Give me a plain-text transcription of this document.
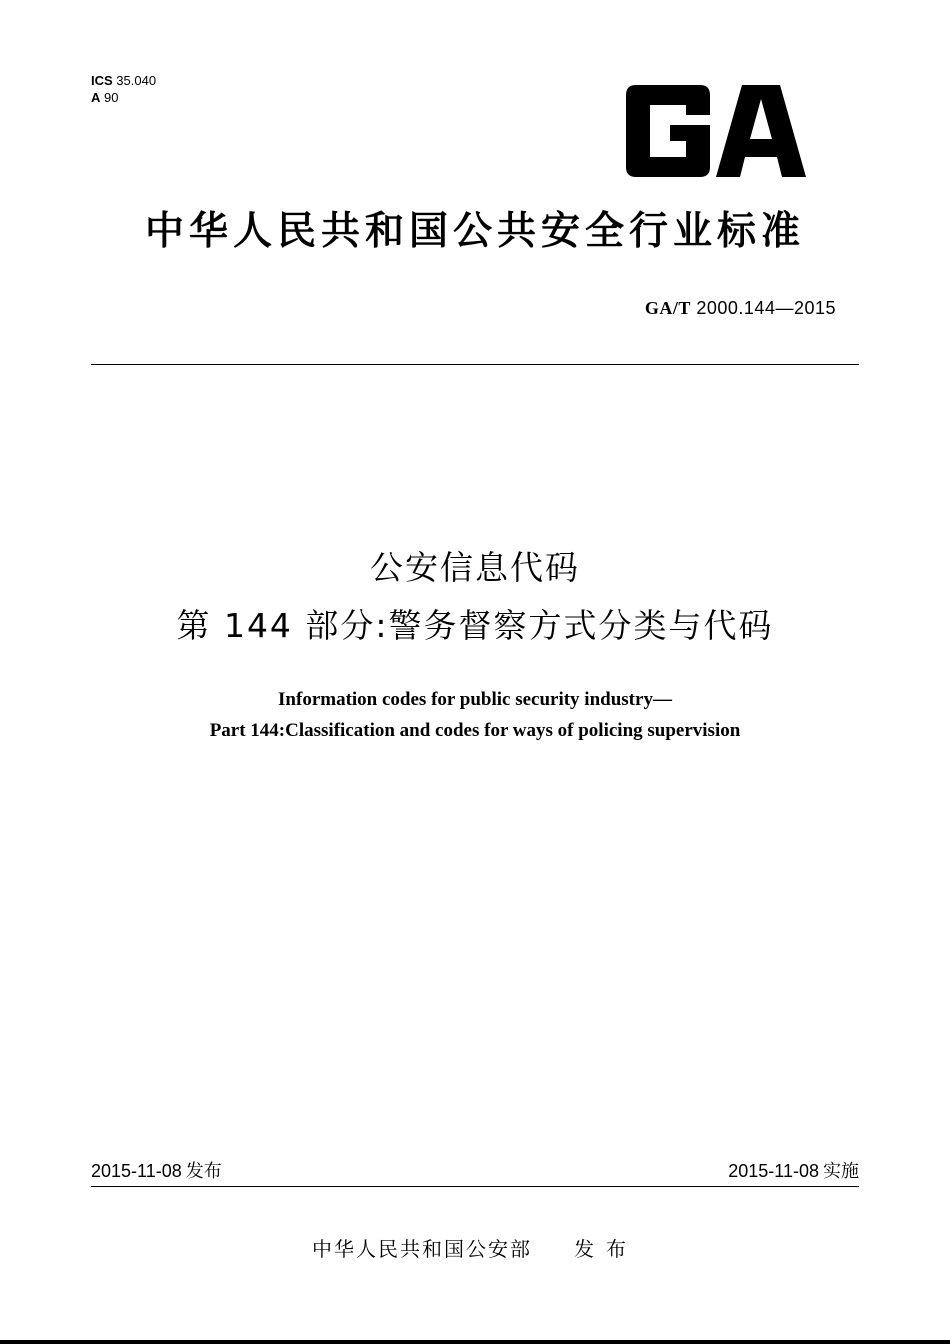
ICS 35.040
A 90
中华人民共和国公共安全行业标准
GA/T 2000.144—2015
公安信息代码
第 144 部分:警务督察方式分类与代码
Information codes for public security industry—
Part 144:Classification and codes for ways of policing supervision
2015-11-08 发布	2015-11-08 实施
中华人民共和国公安部 发布
